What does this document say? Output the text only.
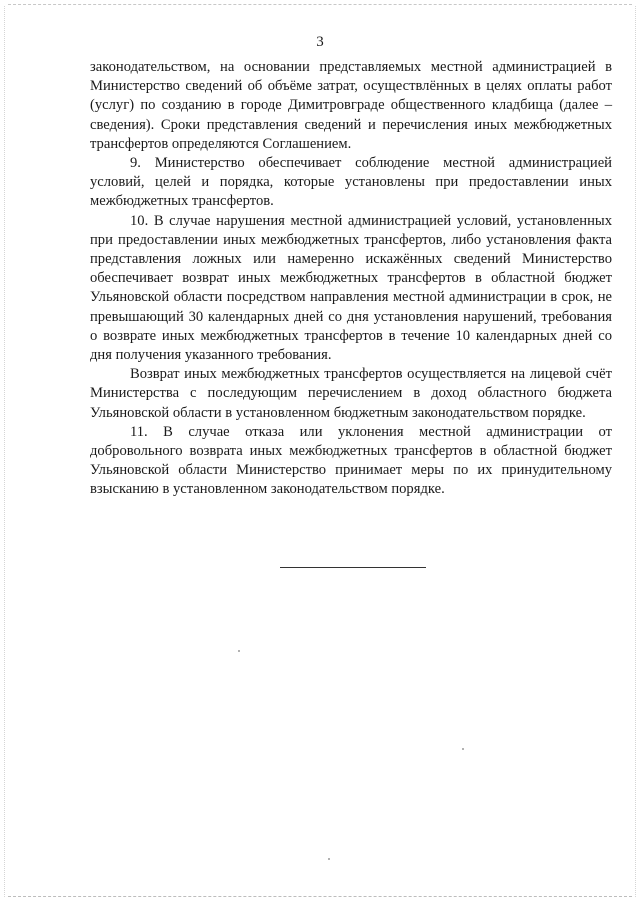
3

законодательством, на основании представляемых местной администрацией в Министерство сведений об объёме затрат, осуществлённых в целях оплаты работ (услуг) по созданию в городе Димитровграде общественного кладбища (далее – сведения). Сроки представления сведений и перечисления иных межбюджетных трансфертов определяются Соглашением.

9. Министерство обеспечивает соблюдение местной администрацией условий, целей и порядка, которые установлены при предоставлении иных межбюджетных трансфертов.

10. В случае нарушения местной администрацией условий, установленных при предоставлении иных межбюджетных трансфертов, либо установления факта представления ложных или намеренно искажённых сведений Министерство обеспечивает возврат иных межбюджетных трансфертов в областной бюджет Ульяновской области посредством направления местной администрации в срок, не превышающий 30 календарных дней со дня установления нарушений, требования о возврате иных межбюджетных трансфертов в течение 10 календарных дней со дня получения указанного требования.

Возврат иных межбюджетных трансфертов осуществляется на лицевой счёт Министерства с последующим перечислением в доход областного бюджета Ульяновской области в установленном бюджетным законодательством порядке.

11. В случае отказа или уклонения местной администрации от добровольного возврата иных межбюджетных трансфертов в областной бюджет Ульяновской области Министерство принимает меры по их принудительному взысканию в установленном законодательством порядке.
